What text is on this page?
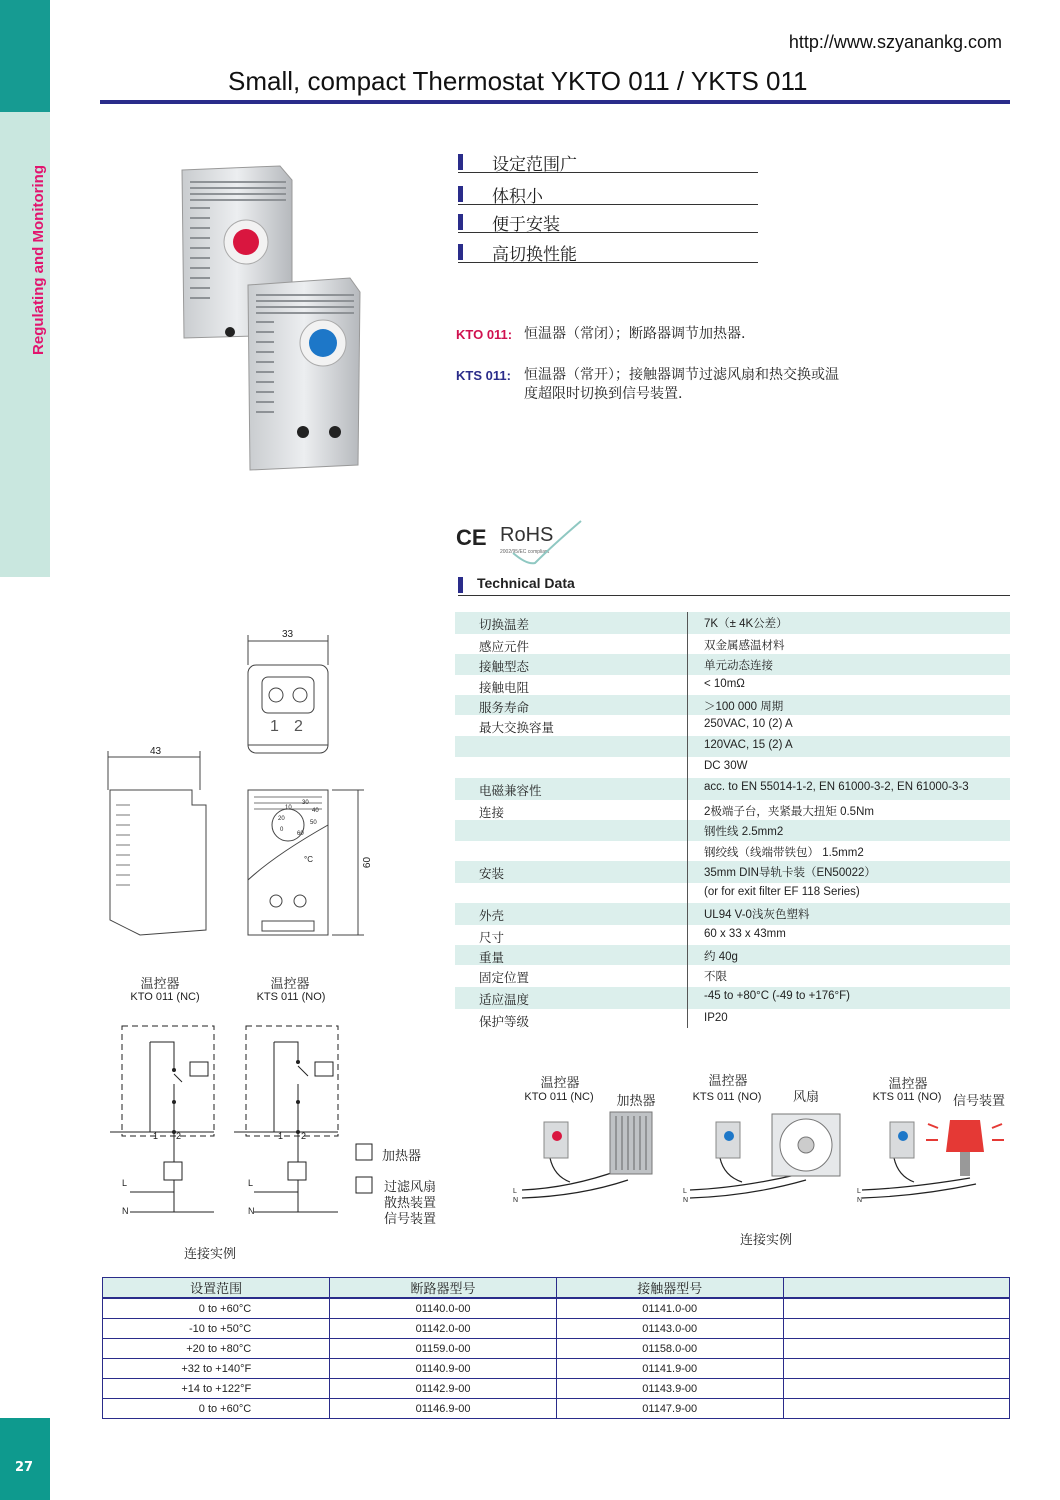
Regulating and Monitoring
27
http://www.szyanankg.com
Small, compact Thermostat YKTO 011 / YKTS 011
设定范围广
体积小
便于安装
高切换性能
KTO 011: 恒温器（常闭）；断路器调节加热器.
KTS 011: 恒温器（常开）；接触器调节过滤风扇和热交换或温
度超限时切换到信号装置.
CE RoHS
2002/95/EC compliant
Technical Data
切换温差	7K（± 4K公差）
感应元件	双金属感温材料
接触型态	单元动态连接
接触电阻	< 10mΩ
服务寿命	＞100 000 周期
最大交换容量	250VAC, 10 (2) A
120VAC, 15 (2) A
DC 30W
电磁兼容性	acc. to EN 55014-1-2, EN 61000-3-2, EN 61000-3-3
连接	2极端子台，夹紧最大扭矩 0.5Nm
钢性线 2.5mm2
钢绞线（线端带铁包） 1.5mm2
安装	35mm DIN导轨卡装（EN50022）
(or for exit filter EF 118 Series)
外壳	UL94 V-0浅灰色塑料
尺寸	60 x 33 x 43mm
重量	约 40g
固定位置	不限
适应温度	-45 to +80°C (-49 to +176°F)
保护等级	IP20
33
43
60
1 2
°C
10
20
30
40
50
60
0
温控器
KTO 011 (NC)
温控器
KTS 011 (NO)
1 2	1 2
L
N
L
N
加热器
过滤风扇
散热装置
信号装置
连接实例
温控器
KTO 011 (NC)	加热器
温控器
KTS 011 (NO)	风扇
温控器
KTS 011 (NO) 信号装置
L
N
L
N
L
N
连接实例
设置范围	断路器型号	接触器型号	
0 to +60°C	01140.0-00	01141.0-00	
-10 to +50°C	01142.0-00	01143.0-00	
+20 to +80°C	01159.0-00	01158.0-00	
+32 to +140°F	01140.9-00	01141.9-00	
+14 to +122°F	01142.9-00	01143.9-00	
0 to +60°C	01146.9-00	01147.9-00	
